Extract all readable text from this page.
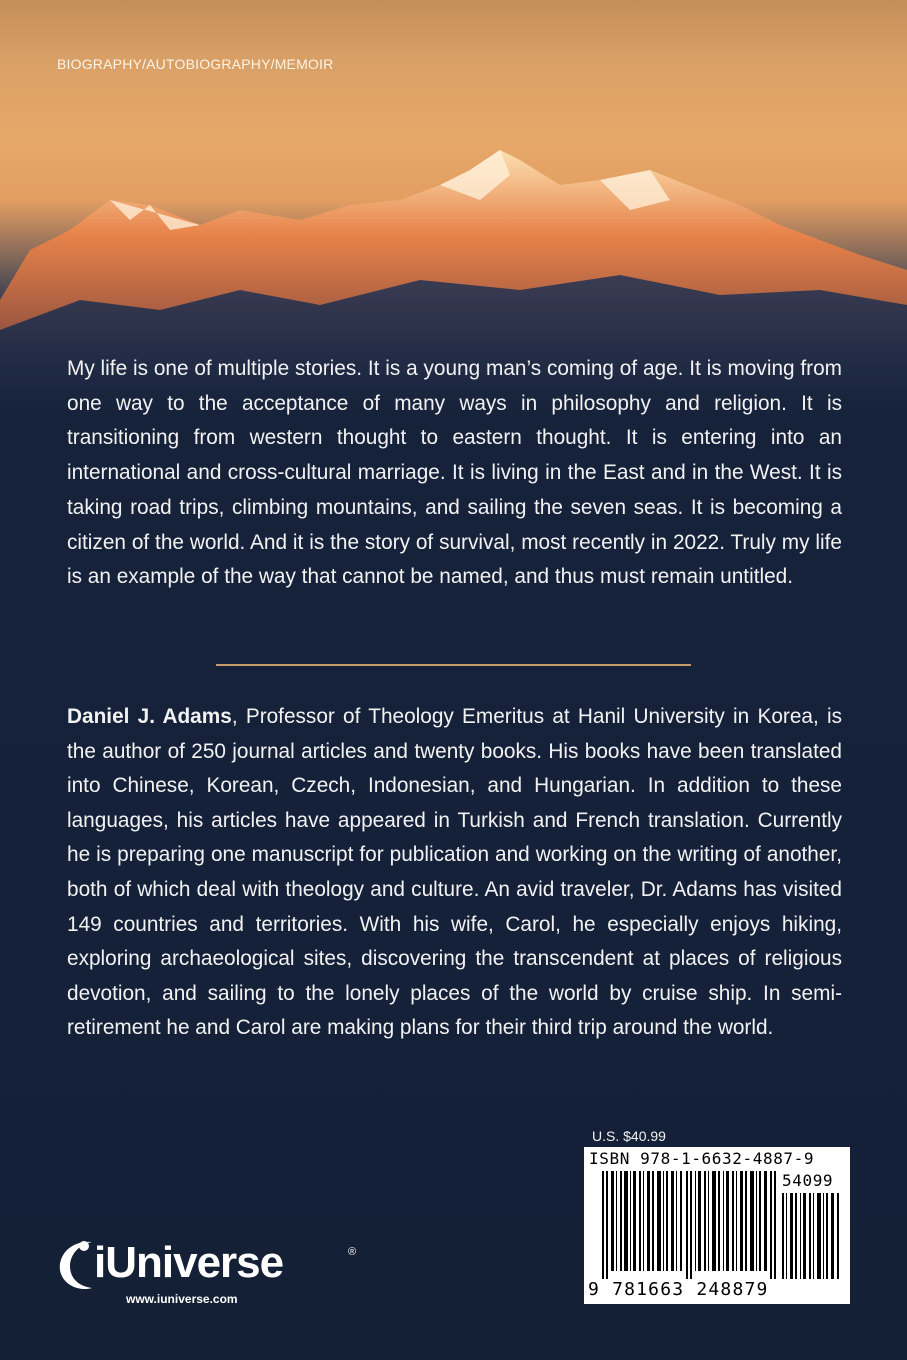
BIOGRAPHY/AUTOBIOGRAPHY/MEMOIR

My life is one of multiple stories. It is a young man’s coming of age. It is moving from one way to the acceptance of many ways in philosophy and religion. It is transitioning from western thought to eastern thought. It is entering into an international and cross-cultural marriage. It is living in the East and in the West. It is taking road trips, climbing mountains, and sailing the seven seas. It is becoming a citizen of the world. And it is the story of survival, most recently in 2022. Truly my life is an example of the way that cannot be named, and thus must remain untitled.

Daniel J. Adams, Professor of Theology Emeritus at Hanil University in Korea, is the author of 250 journal articles and twenty books. His books have been translated into Chinese, Korean, Czech, Indonesian, and Hungarian. In addition to these languages, his articles have appeared in Turkish and French translation. Currently he is preparing one manuscript for publication and working on the writing of another, both of which deal with theology and culture. An avid traveler, Dr. Adams has visited 149 countries and territories. With his wife, Carol, he especially enjoys hiking, exploring archaeological sites, discovering the transcendent at places of religious devotion, and sailing to the lonely places of the world by cruise ship. In semi-retirement he and Carol are making plans for their third trip around the world.

U.S. $40.99
ISBN 978-1-6632-4887-9
54099
9 781663 248879
iUniverse	®
www.iuniverse.com
